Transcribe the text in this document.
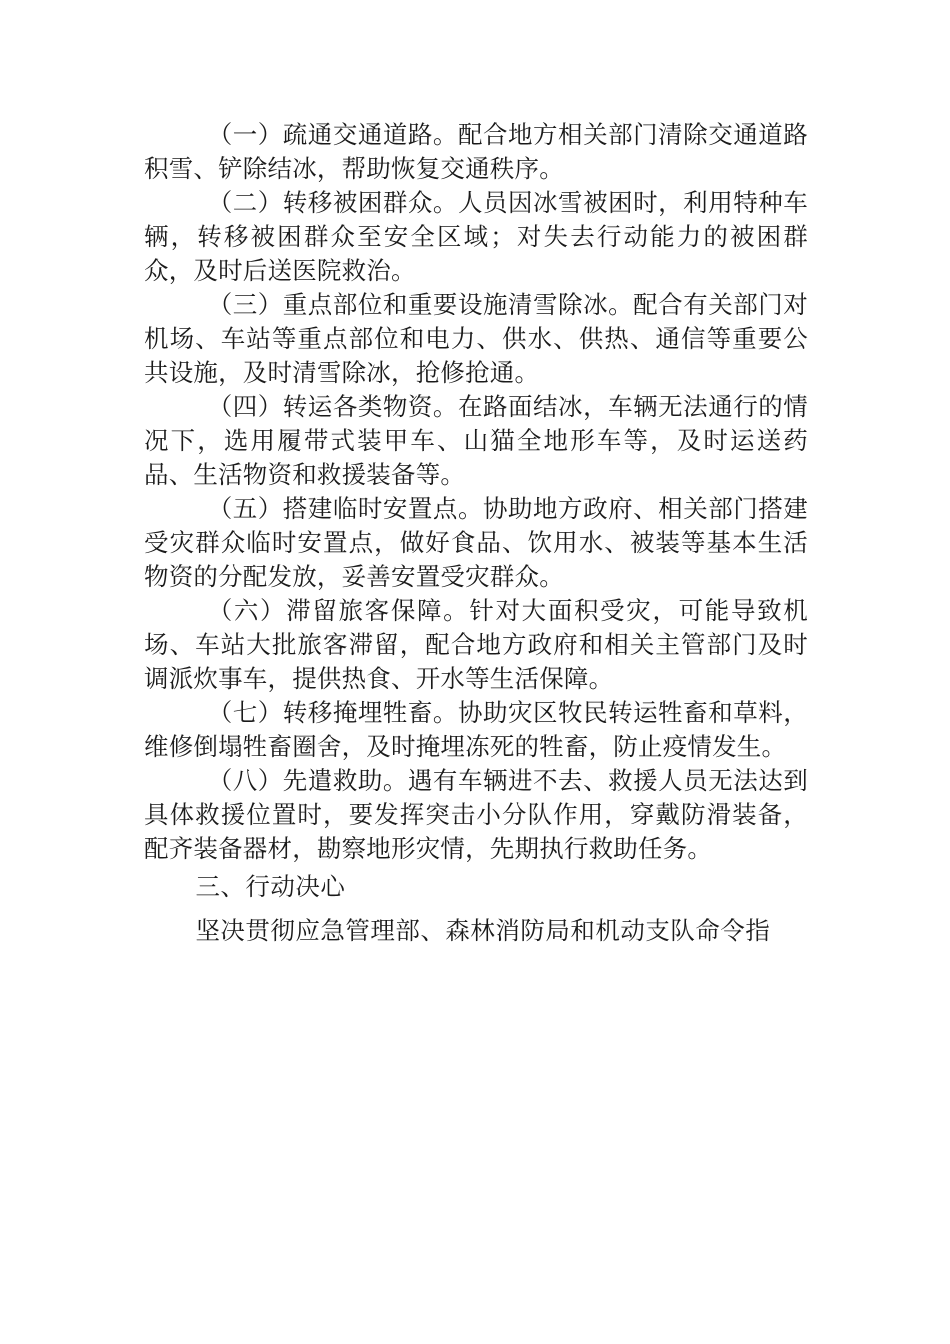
（一）疏通交通道路。配合地方相关部门清除交通道路积雪、铲除结冰，帮助恢复交通秩序。

（二）转移被困群众。人员因冰雪被困时，利用特种车辆，转移被困群众至安全区域；对失去行动能力的被困群众，及时后送医院救治。

（三）重点部位和重要设施清雪除冰。配合有关部门对机场、车站等重点部位和电力、供水、供热、通信等重要公共设施，及时清雪除冰，抢修抢通。

（四）转运各类物资。在路面结冰，车辆无法通行的情况下，选用履带式装甲车、山猫全地形车等，及时运送药品、生活物资和救援装备等。

（五）搭建临时安置点。协助地方政府、相关部门搭建受灾群众临时安置点，做好食品、饮用水、被装等基本生活物资的分配发放，妥善安置受灾群众。

（六）滞留旅客保障。针对大面积受灾，可能导致机场、车站大批旅客滞留，配合地方政府和相关主管部门及时调派炊事车，提供热食、开水等生活保障。

（七）转移掩埋牲畜。协助灾区牧民转运牲畜和草料，维修倒塌牲畜圈舍，及时掩埋冻死的牲畜，防止疫情发生。

（八）先遣救助。遇有车辆进不去、救援人员无法达到具体救援位置时，要发挥突击小分队作用，穿戴防滑装备，配齐装备器材，勘察地形灾情，先期执行救助任务。

三、行动决心

坚决贯彻应急管理部、森林消防局和机动支队命令指
